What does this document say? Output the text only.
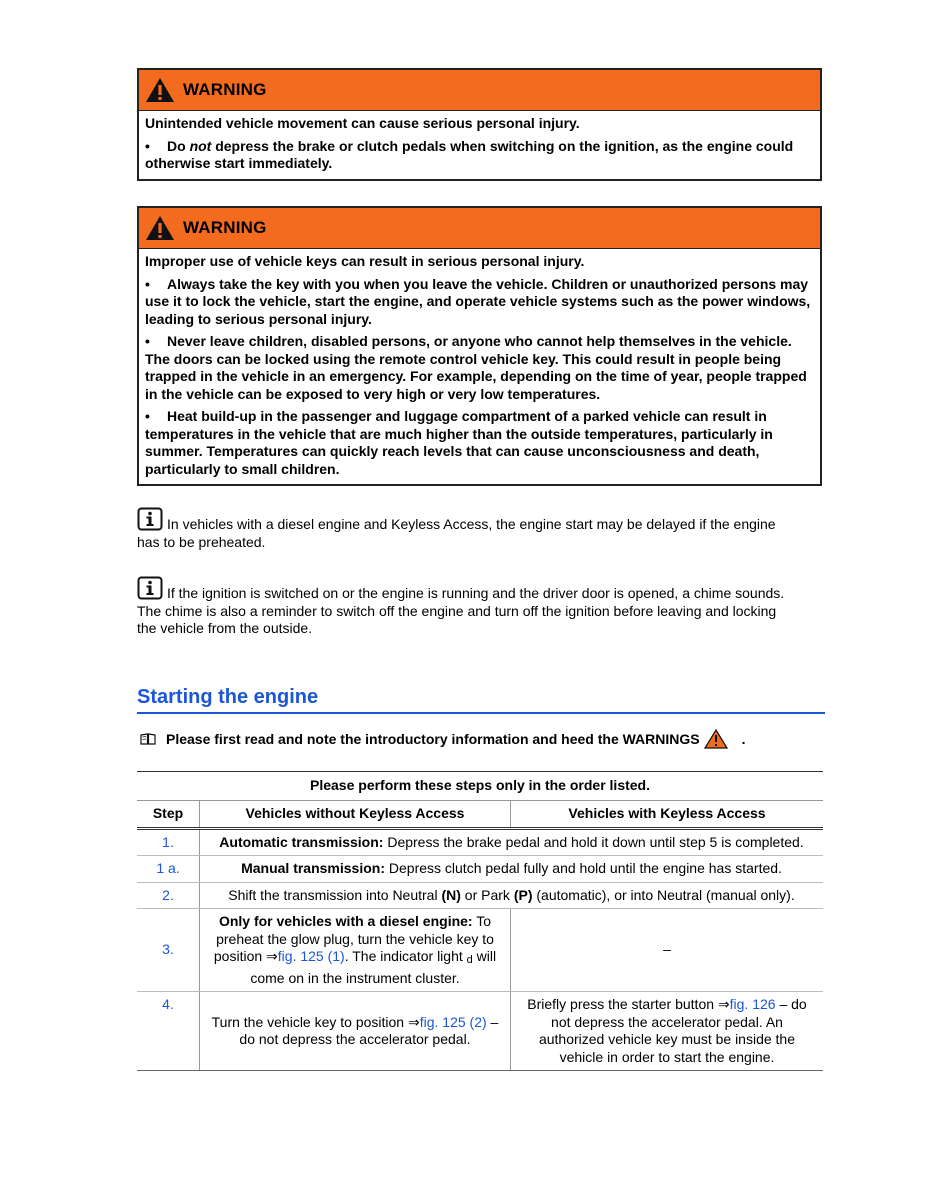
WARNING

Unintended vehicle movement can cause serious personal injury.

• Do not depress the brake or clutch pedals when switching on the ignition, as the engine could otherwise start immediately.

WARNING

Improper use of vehicle keys can result in serious personal injury.

• Always take the key with you when you leave the vehicle. Children or unauthorized persons may use it to lock the vehicle, start the engine, and operate vehicle systems such as the power windows, leading to serious personal injury.

• Never leave children, disabled persons, or anyone who cannot help themselves in the vehicle. The doors can be locked using the remote control vehicle key. This could result in people being trapped in the vehicle in an emergency. For example, depending on the time of year, people trapped in the vehicle can be exposed to very high or very low temperatures.

• Heat build-up in the passenger and luggage compartment of a parked vehicle can result in temperatures in the vehicle that are much higher than the outside temperatures, particularly in summer. Temperatures can quickly reach levels that can cause unconsciousness and death, particularly to small children.

In vehicles with a diesel engine and Keyless Access, the engine start may be delayed if the engine has to be preheated.
If the ignition is switched on or the engine is running and the driver door is opened, a chime sounds. The chime is also a reminder to switch off the engine and turn off the ignition before leaving and locking the vehicle from the outside.
Starting the engine
Please first read and note the introductory information and heed the WARNINGS	.
Please perform these steps only in the order listed.		
Step	Vehicles without Keyless Access	Vehicles with Keyless Access
1.	Automatic transmission: Depress the brake pedal and hold it down until step 5 is completed.	
1 a.	Manual transmission: Depress clutch pedal fully and hold until the engine has started.	
2.	Shift the transmission into Neutral (N) or Park (P) (automatic), or into Neutral (manual only).	
3.	Only for vehicles with a diesel engine: To preheat the glow plug, turn the vehicle key to position ⇒fig. 125 (1). The indicator light d will come on in the instrument cluster.	–
4.	Turn the vehicle key to position ⇒fig. 125 (2) – do not depress the accelerator pedal.	Briefly press the starter button ⇒fig. 126 – do not depress the accelerator pedal. An authorized vehicle key must be inside the vehicle in order to start the engine.
